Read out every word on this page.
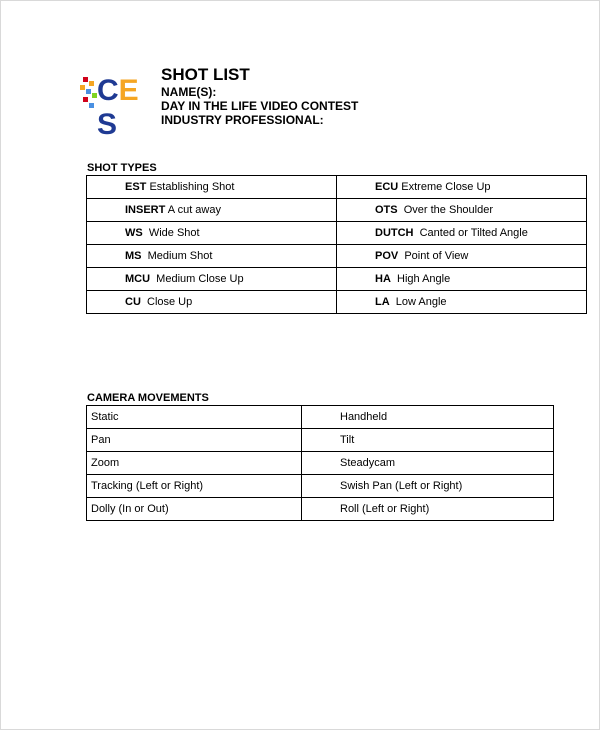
CES
SHOT LIST
NAME(S):
DAY IN THE LIFE VIDEO CONTEST
INDUSTRY PROFESSIONAL:
SHOT TYPES
EST Establishing Shot	ECU Extreme Close Up
INSERT A cut away	OTS  Over the Shoulder
WS  Wide Shot	DUTCH  Canted or Tilted Angle
MS  Medium Shot	POV  Point of View
MCU  Medium Close Up	HA  High Angle
CU  Close Up	LA  Low Angle
CAMERA MOVEMENTS
Static	Handheld
Pan	Tilt
Zoom	Steadycam
Tracking (Left or Right)	Swish Pan (Left or Right)
Dolly (In or Out)	Roll (Left or Right)
